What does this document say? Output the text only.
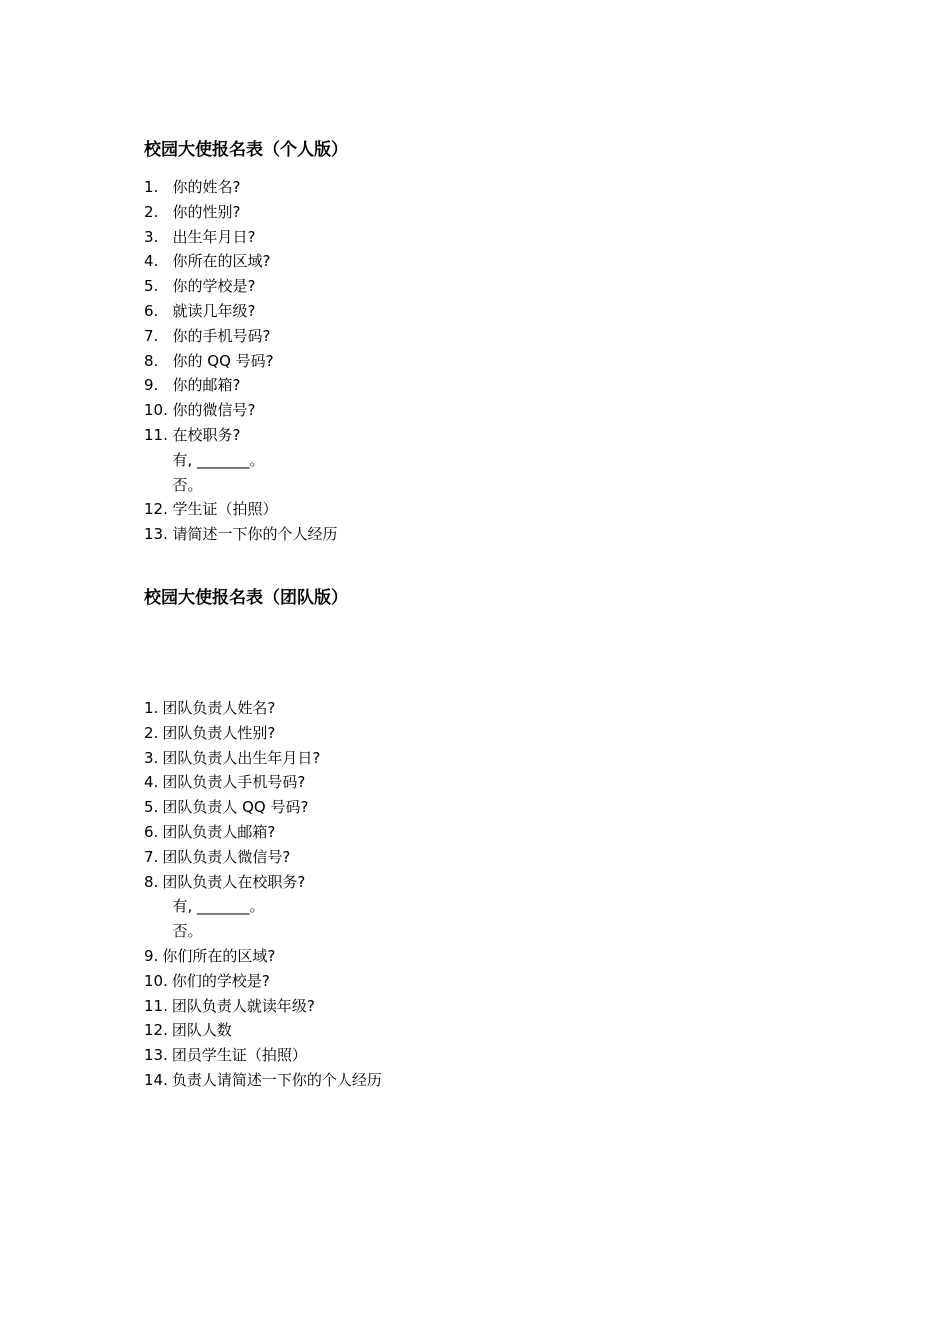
校园大使报名表（个人版）
1. 你的姓名?
2. 你的性别?
3. 出生年月日?
4. 你所在的区域?
5. 你的学校是?
6. 就读几年级?
7. 你的手机号码?
8. 你的 QQ 号码?
9. 你的邮箱?
10. 你的微信号?
11. 在校职务?
有, _______。
否。
12. 学生证（拍照）
13. 请简述一下你的个人经历
校园大使报名表（团队版）
1. 团队负责人姓名?
2. 团队负责人性别?
3. 团队负责人出生年月日?
4. 团队负责人手机号码?
5. 团队负责人 QQ 号码?
6. 团队负责人邮箱?
7. 团队负责人微信号?
8. 团队负责人在校职务?
有, _______。
否。
9. 你们所在的区域?
10. 你们的学校是?
11. 团队负责人就读年级?
12. 团队人数
13. 团员学生证（拍照）
14. 负责人请简述一下你的个人经历
